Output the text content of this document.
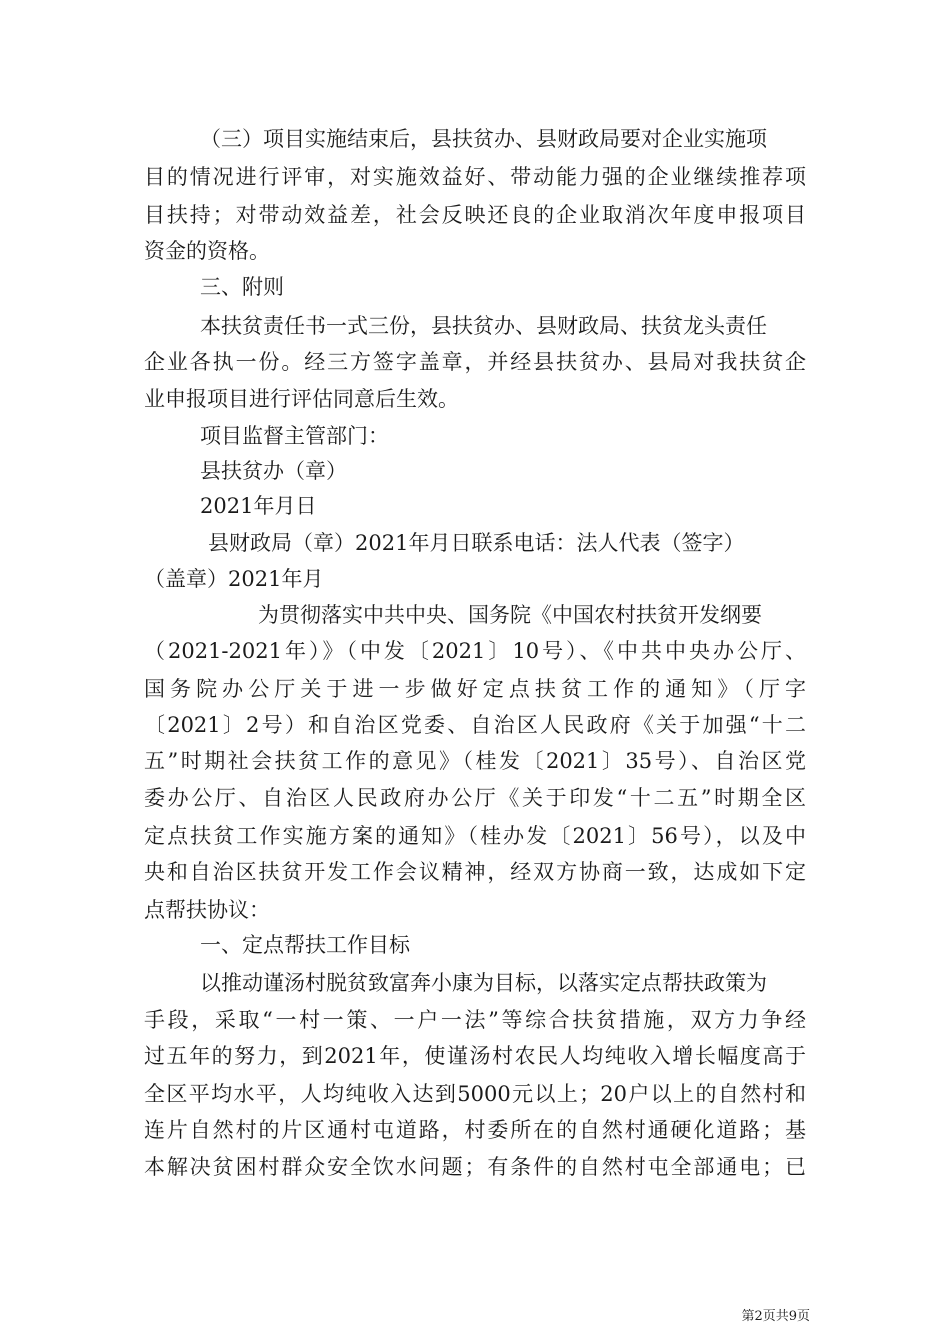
（三）项目实施结束后，县扶贫办、县财政局要对企业实施项
目的情况进行评审，对实施效益好、带动能力强的企业继续推荐项
目扶持；对带动效益差，社会反映还良的企业取消次年度申报项目
资金的资格。
三、附则
本扶贫责任书一式三份，县扶贫办、县财政局、扶贫龙头责任
企业各执一份。经三方签字盖章，并经县扶贫办、县局对我扶贫企
业申报项目进行评估同意后生效。
项目监督主管部门：
县扶贫办（章）
2021年月日
县财政局（章）2021年月日联系电话：法人代表（签字）
（盖章）2021年月
为贯彻落实中共中央、国务院《中国农村扶贫开发纲要
（2021-2021年）》（中发〔2021〕10号）、《中共中央办公厅、
国务院办公厅关于进一步做好定点扶贫工作的通知》（厅字
〔2021〕2号）和自治区党委、自治区人民政府《关于加强“十二
五”时期社会扶贫工作的意见》（桂发〔2021〕35号）、自治区党
委办公厅、自治区人民政府办公厅《关于印发“十二五”时期全区
定点扶贫工作实施方案的通知》（桂办发〔2021〕56号），以及中
央和自治区扶贫开发工作会议精神，经双方协商一致，达成如下定
点帮扶协议：
一、定点帮扶工作目标
以推动谨汤村脱贫致富奔小康为目标，以落实定点帮扶政策为
手段，采取“一村一策、一户一法”等综合扶贫措施，双方力争经
过五年的努力，到2021年，使谨汤村农民人均纯收入增长幅度高于
全区平均水平，人均纯收入达到5000元以上；20户以上的自然村和
连片自然村的片区通村屯道路，村委所在的自然村通硬化道路；基
本解决贫困村群众安全饮水问题；有条件的自然村屯全部通电；已
第2页共9页
